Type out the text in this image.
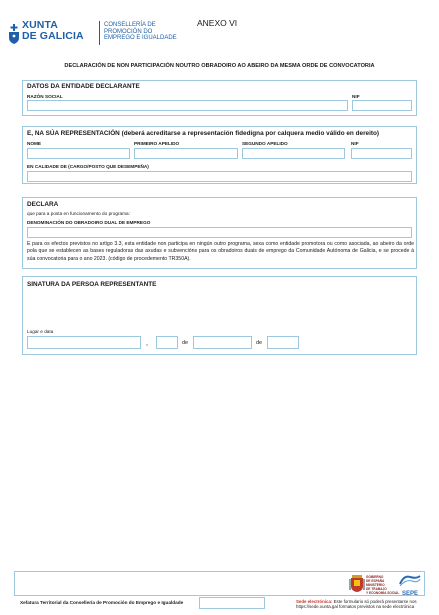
XUNTA
DE GALICIA
CONSELLERÍA DE
PROMOCIÓN DO
EMPREGO E IGUALDADE
ANEXO VI
DECLARACIÓN DE NON PARTICIPACIÓN NOUTRO OBRADOIRO AO ABEIRO DA MESMA ORDE DE CONVOCATORIA
DATOS DA ENTIDADE DECLARANTE
RAZÓN SOCIAL	NIF
E, NA SÚA REPRESENTACIÓN (deberá acreditarse a representación fidedigna por calquera medio válido en dereito)
NOME	PRIMEIRO APELIDO	SEGUNDO APELIDO	NIF
EN CALIDADE DE (CARGO/POSTO QUE DESEMPEÑA)
DECLARA
que para a posta en funcionamento do programa:
DENOMINACIÓN DO OBRADOIRO DUAL DE EMPREGO
E para os efectos previstos no artigo 3.3, esta entidade non participa en ningún outro programa, sexa como entidade promotora ou como asociada, ao abeiro da orde pola que se establecen as bases reguladoras das axudas e subvencións para os obradoiros duais de emprego da Comunidade Autónoma de Galicia, e se procede á súa convocatoria para o ano 2023. (código de procedemento TR350A).
SINATURA DA PERSOA REPRESENTANTE
Lugar e data
,	de	de
GOBIERNO
DE ESPAÑA
MINISTERIO
DE TRABAJO
Y ECONOMÍA SOCIAL SEPE
Xefatura Territorial da Consellería de Promoción do Emprego e Igualdade	Sede electrónica: Este formulario só poderá presentarse nos
https://sede.xunta.gal formatos previstos na sede electrónica
